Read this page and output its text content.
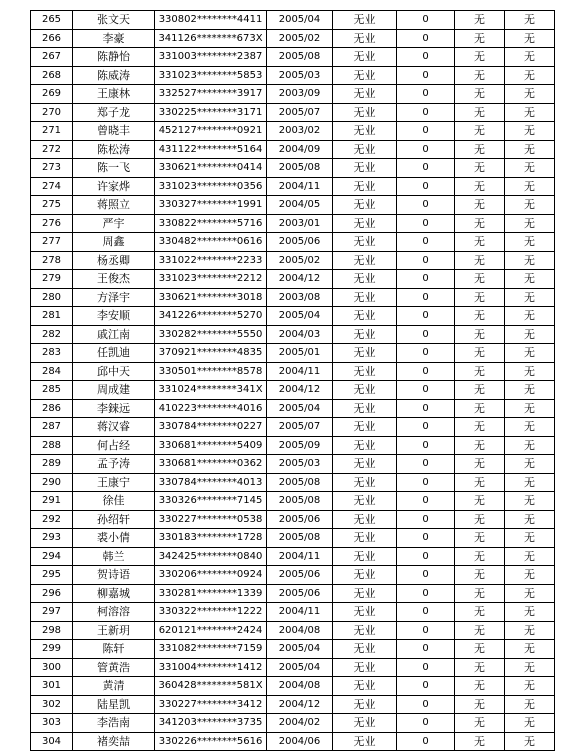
265	张文天	330802********4411	2005/04	无业	0	无	无
266	李豪	341126********673X	2005/02	无业	0	无	无
267	陈静怡	331003********2387	2005/08	无业	0	无	无
268	陈威涛	331023********5853	2005/03	无业	0	无	无
269	王康林	332527********3917	2003/09	无业	0	无	无
270	郑子龙	330225********3171	2005/07	无业	0	无	无
271	曾晓丰	452127********0921	2003/02	无业	0	无	无
272	陈松涛	431122********5164	2004/09	无业	0	无	无
273	陈一飞	330621********0414	2005/08	无业	0	无	无
274	许家烨	331023********0356	2004/11	无业	0	无	无
275	蒋照立	330327********1991	2004/05	无业	0	无	无
276	严宇	330822********5716	2003/01	无业	0	无	无
277	周鑫	330482********0616	2005/06	无业	0	无	无
278	杨丞卿	331022********2233	2005/02	无业	0	无	无
279	王俊杰	331023********2212	2004/12	无业	0	无	无
280	方泽宇	330621********3018	2003/08	无业	0	无	无
281	李安顺	341226********5270	2005/04	无业	0	无	无
282	戚江南	330282********5550	2004/03	无业	0	无	无
283	任凯迪	370921********4835	2005/01	无业	0	无	无
284	邱中天	330501********8578	2004/11	无业	0	无	无
285	周成建	331024********341X	2004/12	无业	0	无	无
286	李錸远	410223********4016	2005/04	无业	0	无	无
287	蒋汉睿	330784********0227	2005/07	无业	0	无	无
288	何占经	330681********5409	2005/09	无业	0	无	无
289	孟予涛	330681********0362	2005/03	无业	0	无	无
290	王康宁	330784********4013	2005/08	无业	0	无	无
291	徐佳	330326********7145	2005/08	无业	0	无	无
292	孙绍轩	330227********0538	2005/06	无业	0	无	无
293	裘小倩	330183********1728	2005/08	无业	0	无	无
294	韩兰	342425********0840	2004/11	无业	0	无	无
295	贺诗语	330206********0924	2005/06	无业	0	无	无
296	柳嘉城	330281********1339	2005/06	无业	0	无	无
297	柯溶溶	330322********1222	2004/11	无业	0	无	无
298	王新玥	620121********2424	2004/08	无业	0	无	无
299	陈轩	331082********7159	2005/04	无业	0	无	无
300	管黄浩	331004********1412	2005/04	无业	0	无	无
301	黄清	360428********581X	2004/08	无业	0	无	无
302	陆星凯	330227********3412	2004/12	无业	0	无	无
303	李浩南	341203********3735	2004/02	无业	0	无	无
304	褚奕喆	330226********5616	2004/06	无业	0	无	无
